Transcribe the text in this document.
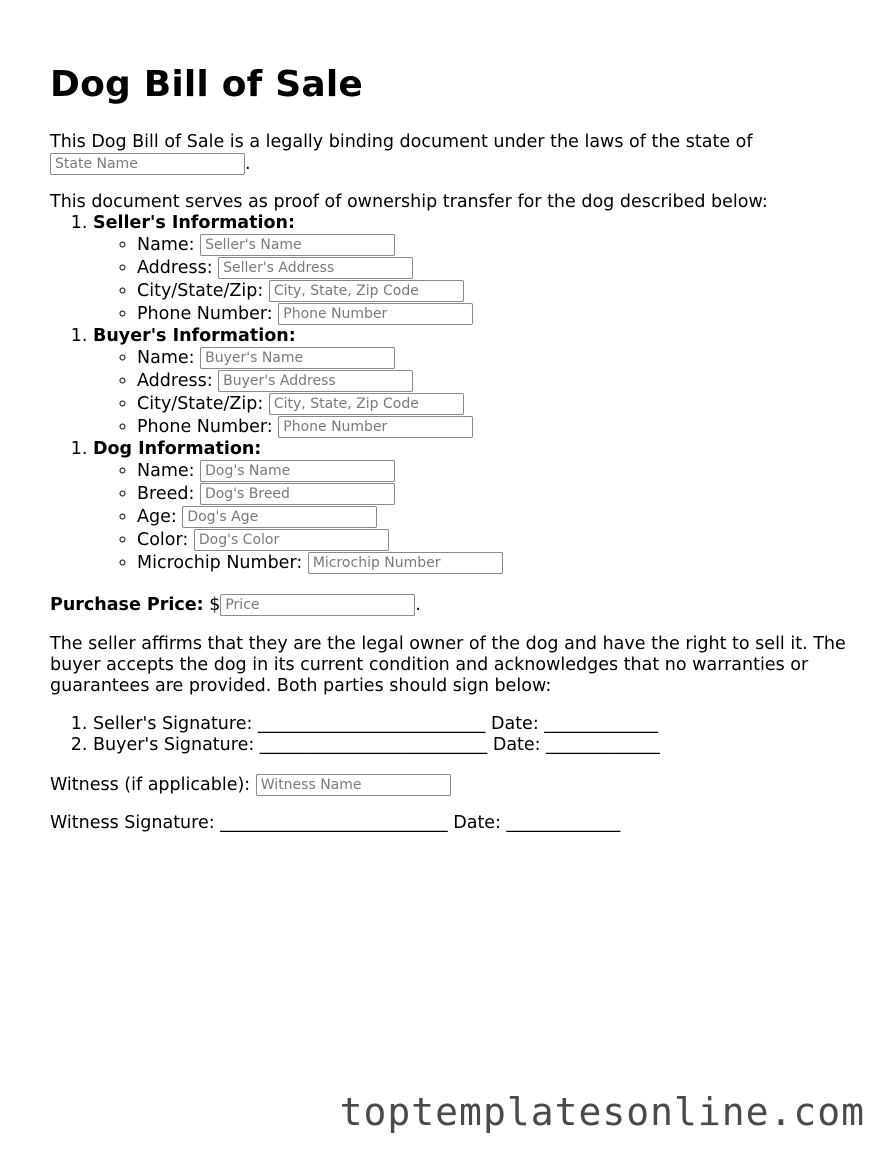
Dog Bill of Sale

This Dog Bill of Sale is a legally binding document under the laws of the state of
State Name.

This document serves as proof of ownership transfer for the dog described below:

1. Seller's Information:
◦ Name: Seller's Name
◦ Address: Seller's Address
◦ City/State/Zip: City, State, Zip Code
◦ Phone Number: Phone Number
1. Buyer's Information:
◦ Name: Buyer's Name
◦ Address: Buyer's Address
◦ City/State/Zip: City, State, Zip Code
◦ Phone Number: Phone Number
1. Dog Information:
◦ Name: Dog's Name
◦ Breed: Dog's Breed
◦ Age: Dog's Age
◦ Color: Dog's Color
◦ Microchip Number: Microchip Number

Purchase Price: $Price	.

The seller affirms that they are the legal owner of the dog and have the right to sell it. The buyer accepts the dog in its current condition and acknowledges that no warranties or guarantees are provided. Both parties should sign below:

1. Seller's Signature: __________________________ Date: _____________
2. Buyer's Signature: __________________________ Date: _____________

Witness (if applicable): Witness Name

Witness Signature: __________________________ Date: _____________

toptemplatesonline.com
